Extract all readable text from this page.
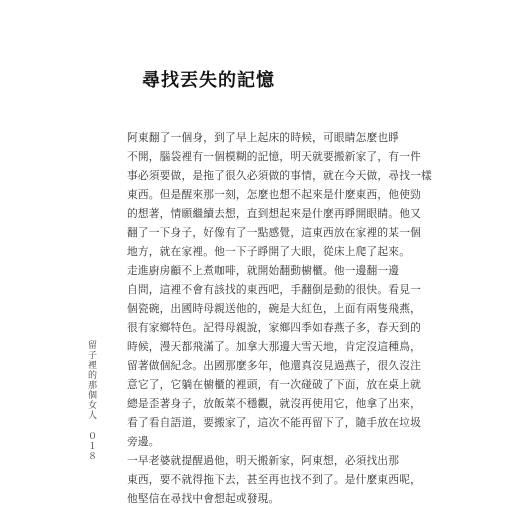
尋找丟失的記憶
阿東翻了一個身，到了早上起床的時候，可眼睛怎麼也睜
不開，腦袋裡有一個模糊的記憶，明天就要搬新家了，有一件
事必須要做，是拖了很久必須做的事情，就在今天做，尋找一樣
東西。但是醒來那一刻，怎麼也想不起來是什麼東西，他使勁
的想著，情願繼續去想，直到想起來是什麼再睜開眼睛。他又
翻了一下身子，好像有了一點感覺，這東西放在家裡的某一個
地方，就在家裡。他一下子睜開了大眼，從床上爬了起來。
走進廚房顧不上煮咖啡，就開始翻動櫥櫃。他一邊翻一邊
自問，這裡不會有該找的東西吧，手翻倒是動的很快。看見一
個瓷碗，出國時母親送他的，碗是大紅色，上面有兩隻飛燕，
很有家鄉特色。記得母親說，家鄉四季如春燕子多，春天到的
時候，漫天都飛滿了。加拿大那邊大雪天地，肯定沒這種鳥，
留著做個紀念。出國那麼多年，他還真沒見過燕子，很久沒注
意它了，它躺在櫥櫃的裡頭，有一次碰破了下面，放在桌上就
總是歪著身子，放飯菜不穩觀，就沒再使用它，他拿了出來，
看了看自語道，要搬家了，這次不能再留下了，隨手放在垃圾
旁邊。
一早老婆就提醒過他，明天搬新家，阿東想，必須找出那
東西，要不就得拖下去，甚至再也找不到了。是什麼東西呢，
他堅信在尋找中會想起或發現。
留子裡的那個女人 ０１８
